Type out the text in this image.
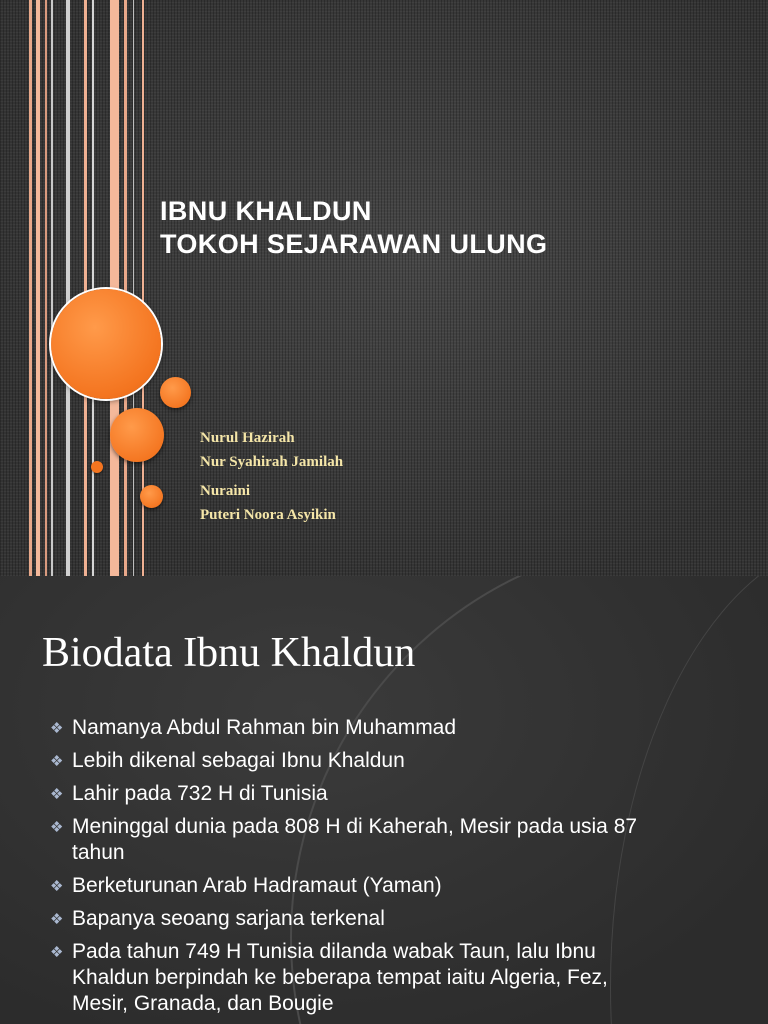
IBNU KHALDUN
TOKOH SEJARAWAN ULUNG
Nurul Hazirah
Nur Syahirah Jamilah
Nuraini
Puteri Noora Asyikin
Biodata Ibnu Khaldun
❖ Namanya Abdul Rahman bin Muhammad
❖ Lebih dikenal sebagai Ibnu Khaldun
❖ Lahir pada 732 H di Tunisia
❖ Meninggal dunia pada 808 H di Kaherah, Mesir pada usia 87 tahun
❖ Berketurunan Arab Hadramaut (Yaman)
❖ Bapanya seoang sarjana terkenal
❖ Pada tahun 749 H Tunisia dilanda wabak Taun, lalu Ibnu Khaldun berpindah ke beberapa tempat iaitu Algeria, Fez, Mesir, Granada, dan Bougie
